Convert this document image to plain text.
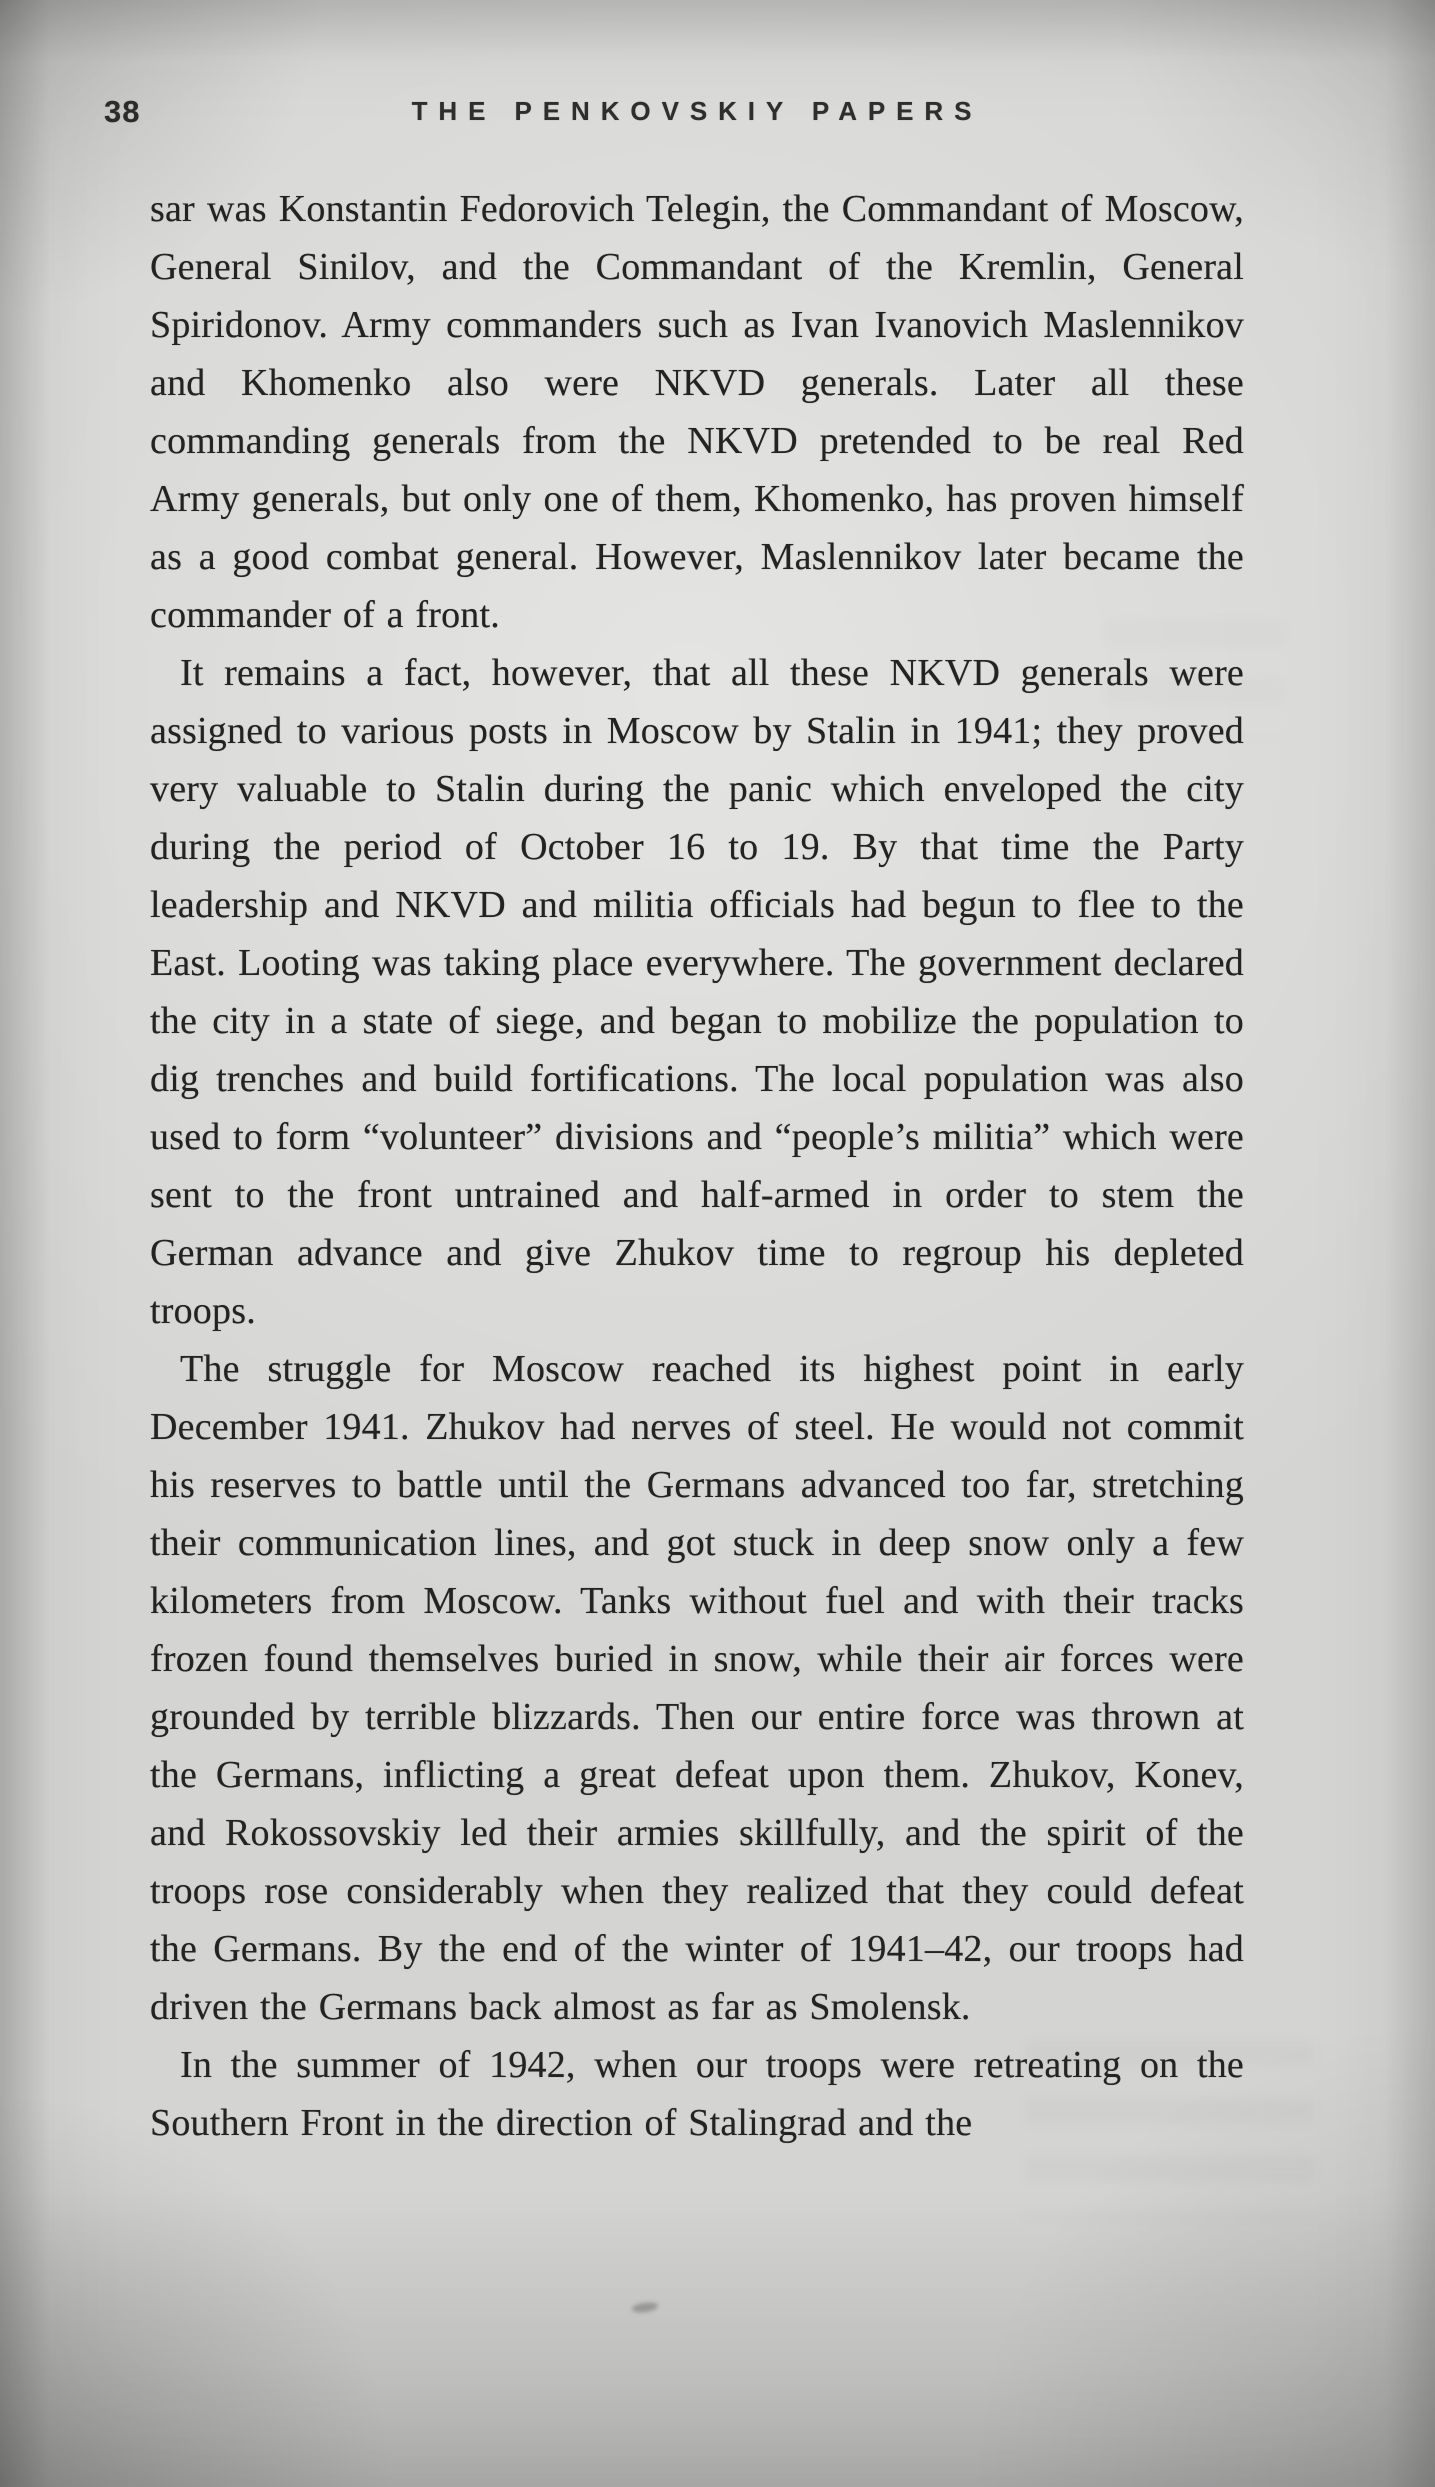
38	THE PENKOVSKIY PAPERS

sar was Konstantin Fedorovich Telegin, the Commandant of Moscow, General Sinilov, and the Commandant of the Kremlin, General Spiridonov. Army commanders such as Ivan Ivanovich Maslennikov and Khomenko also were NKVD generals. Later all these commanding generals from the NKVD pretended to be real Red Army generals, but only one of them, Khomenko, has proven himself as a good combat general. However, Maslennikov later became the commander of a front.

It remains a fact, however, that all these NKVD generals were assigned to various posts in Moscow by Stalin in 1941; they proved very valuable to Stalin during the panic which enveloped the city during the period of October 16 to 19. By that time the Party leadership and NKVD and militia officials had begun to flee to the East. Looting was taking place everywhere. The government declared the city in a state of siege, and began to mobilize the population to dig trenches and build fortifications. The local population was also used to form “volunteer” divisions and “people’s militia” which were sent to the front untrained and half-armed in order to stem the German advance and give Zhukov time to regroup his depleted troops.

The struggle for Moscow reached its highest point in early December 1941. Zhukov had nerves of steel. He would not commit his reserves to battle until the Germans advanced too far, stretching their communication lines, and got stuck in deep snow only a few kilometers from Moscow. Tanks without fuel and with their tracks frozen found themselves buried in snow, while their air forces were grounded by terrible blizzards. Then our entire force was thrown at the Germans, inflicting a great defeat upon them. Zhukov, Konev, and Rokossovskiy led their armies skillfully, and the spirit of the troops rose considerably when they realized that they could defeat the Germans. By the end of the winter of 1941–42, our troops had driven the Germans back almost as far as Smolensk.

In the summer of 1942, when our troops were retreating on the Southern Front in the direction of Stalingrad and the
